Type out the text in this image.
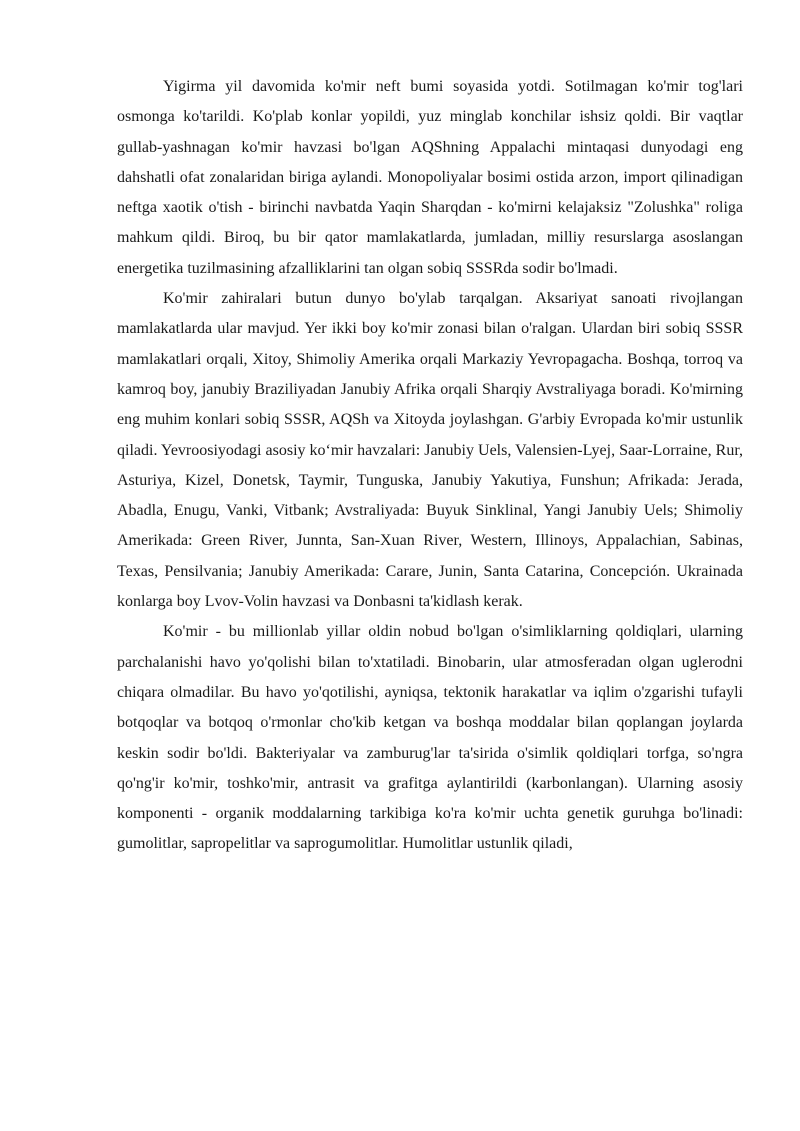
Yigirma yil davomida ko'mir neft bumi soyasida yotdi. Sotilmagan ko'mir tog'lari osmonga ko'tarildi. Ko'plab konlar yopildi, yuz minglab konchilar ishsiz qoldi. Bir vaqtlar gullab-yashnagan ko'mir havzasi bo'lgan AQShning Appalachi mintaqasi dunyodagi eng dahshatli ofat zonalaridan biriga aylandi. Monopoliyalar bosimi ostida arzon, import qilinadigan neftga xaotik o'tish - birinchi navbatda Yaqin Sharqdan - ko'mirni kelajaksiz "Zolushka" roliga mahkum qildi. Biroq, bu bir qator mamlakatlarda, jumladan, milliy resurslarga asoslangan energetika tuzilmasining afzalliklarini tan olgan sobiq SSSRda sodir bo'lmadi.

Ko'mir zahiralari butun dunyo bo'ylab tarqalgan. Aksariyat sanoati rivojlangan mamlakatlarda ular mavjud. Yer ikki boy ko'mir zonasi bilan o'ralgan. Ulardan biri sobiq SSSR mamlakatlari orqali, Xitoy, Shimoliy Amerika orqali Markaziy Yevropagacha. Boshqa, torroq va kamroq boy, janubiy Braziliyadan Janubiy Afrika orqali Sharqiy Avstraliyaga boradi. Ko'mirning eng muhim konlari sobiq SSSR, AQSh va Xitoyda joylashgan. G'arbiy Evropada ko'mir ustunlik qiladi. Yevroosiyodagi asosiy ko‘mir havzalari: Janubiy Uels, Valensien-Lyej, Saar-Lorraine, Rur, Asturiya, Kizel, Donetsk, Taymir, Tunguska, Janubiy Yakutiya, Funshun; Afrikada: Jerada, Abadla, Enugu, Vanki, Vitbank; Avstraliyada: Buyuk Sinklinal, Yangi Janubiy Uels; Shimoliy Amerikada: Green River, Junnta, San-Xuan River, Western, Illinoys, Appalachian, Sabinas, Texas, Pensilvania; Janubiy Amerikada: Carare, Junin, Santa Catarina, Concepción. Ukrainada konlarga boy Lvov-Volin havzasi va Donbasni ta'kidlash kerak.

Ko'mir - bu millionlab yillar oldin nobud bo'lgan o'simliklarning qoldiqlari, ularning parchalanishi havo yo'qolishi bilan to'xtatiladi. Binobarin, ular atmosferadan olgan uglerodni chiqara olmadilar. Bu havo yo'qotilishi, ayniqsa, tektonik harakatlar va iqlim o'zgarishi tufayli botqoqlar va botqoq o'rmonlar cho'kib ketgan va boshqa moddalar bilan qoplangan joylarda keskin sodir bo'ldi. Bakteriyalar va zamburug'lar ta'sirida o'simlik qoldiqlari torfga, so'ngra qo'ng'ir ko'mir, toshko'mir, antrasit va grafitga aylantirildi (karbonlangan). Ularning asosiy komponenti - organik moddalarning tarkibiga ko'ra ko'mir uchta genetik guruhga bo'linadi: gumolitlar, sapropelitlar va saprogumolitlar. Humolitlar ustunlik qiladi,
